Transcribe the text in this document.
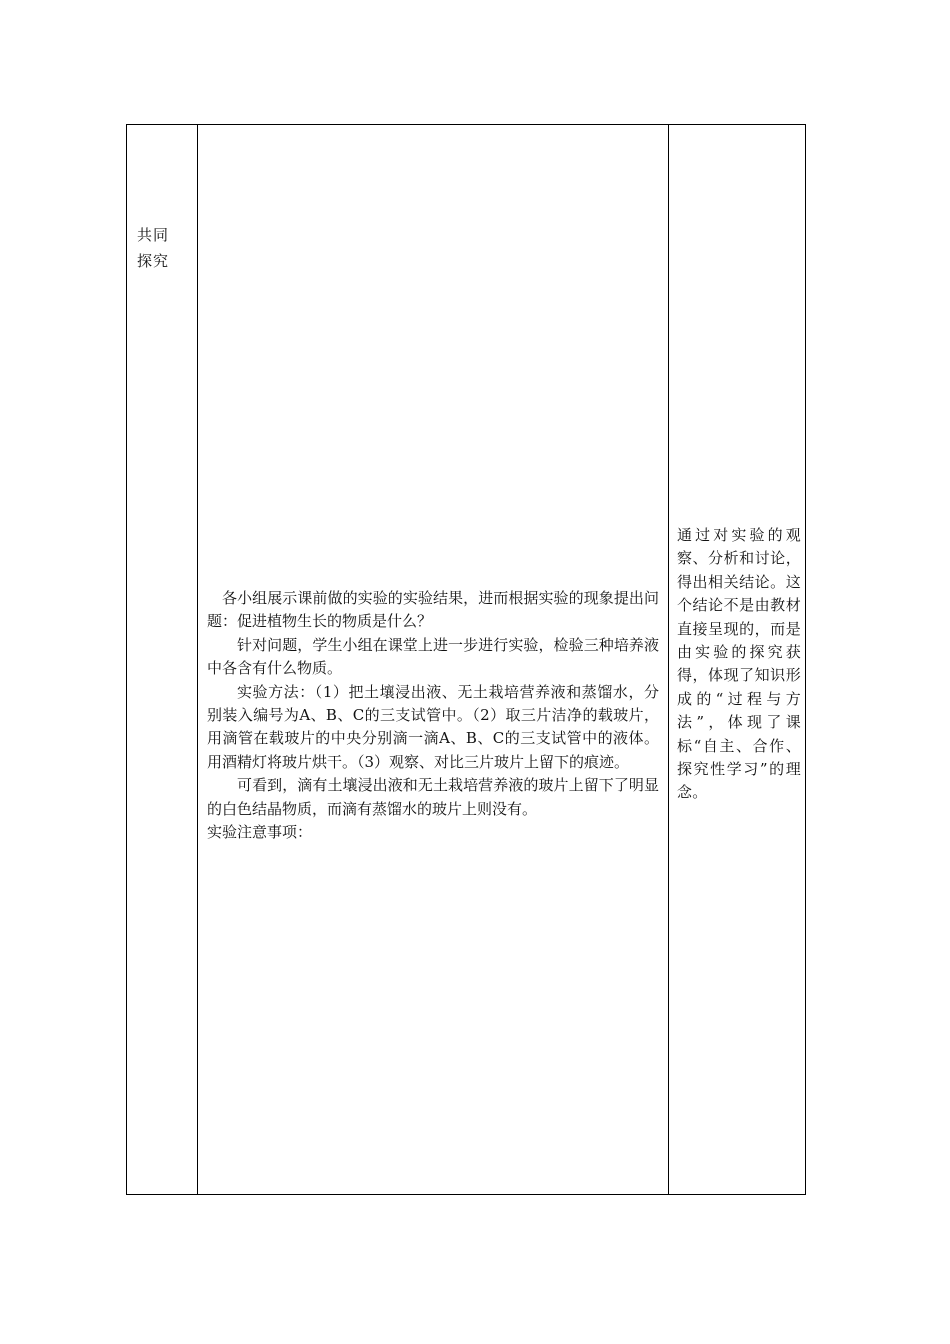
共同
探究

各小组展示课前做的实验的实验结果，进而根据实验的现象提出问题：促进植物生长的物质是什么？

针对问题，学生小组在课堂上进一步进行实验，检验三种培养液中各含有什么物质。

实验方法：（1）把土壤浸出液、无土栽培营养液和蒸馏水，分别装入编号为A、B、C的三支试管中。（2）取三片洁净的载玻片，用滴管在载玻片的中央分别滴一滴A、B、C的三支试管中的液体。用酒精灯将玻片烘干。（3）观察、对比三片玻片上留下的痕迹。

可看到，滴有土壤浸出液和无土栽培营养液的玻片上留下了明显的白色结晶物质，而滴有蒸馏水的玻片上则没有。

实验注意事项：

通过对实验的观察、分析和讨论，得出相关结论。这个结论不是由教材直接呈现的，而是由实验的探究获得，体现了知识形成的“过程与方法”，体现了课标“自主、合作、探究性学习”的理念。
